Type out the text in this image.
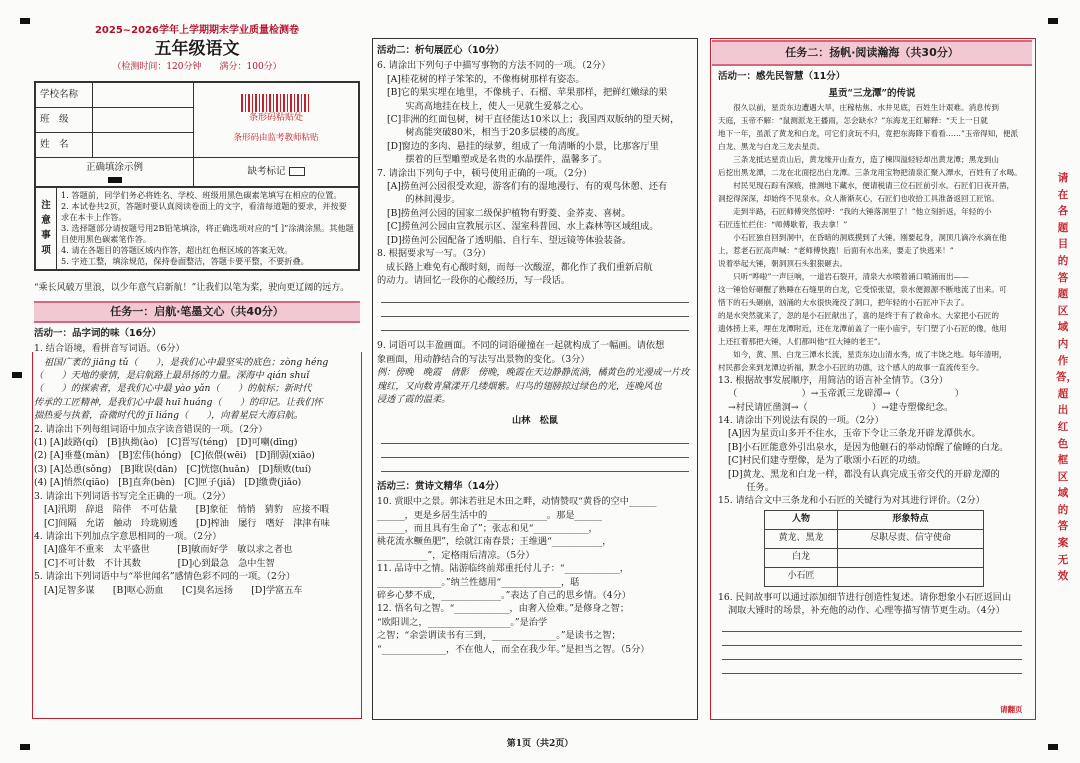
2025~2026学年上学期期末学业质量检测卷
五年级语文
（检测时间：120分钟　　满分：100分）
学校名称		条形码粘贴处
条形码由监考教师粘贴

班　级		
姓　名		

正确填涂示例		缺考标记
注意事项	
1. 答题前，同学们务必将姓名、学校、班级用黑色碳素笔填写在相应的位置。
2. 本试卷共2页，答题时要认真阅读卷面上的文字，看清每道题的要求，并按要求在本卡上作答。
3. 选择题部分请按题号用2B铅笔填涂，将正确选项对应的“[ ]”涂满涂黑。其他题目使用黑色碳素笔作答。
4. 请在各题目的答题区域内作答，超出红色框区域的答案无效。
5. 字迹工整，填涂规范，保持卷面整洁，答题卡要平整，不要折叠。
“乘长风破万里浪，以少年意气启新航！”让我们以笔为桨，驶向更辽阔的远方。
任务一：启航·笔墨文心（共40分）
活动一：品字词的味（16分）
1. 结合语境，看拼音写词语。（6分）
祖国广袤的 jiāng tǔ（　　），是我们心中最坚实的底色；zòng héng
（　　）天地的豪情，是启航路上最昂扬的力量。深海中 qián shuǐ
（　　）的探索者，是我们心中最 yào yǎn（　　）的航标；新时代
传承的工匠精神，是我们心中最 huī huáng（　　）的印记。让我们怀
揣热爱与执着，奋微时代的 jī liáng（　　），向着星辰大海启航。
2. 请涂出下列每组词语中加点字读音错误的一项。（2分）
(1) [A]歧路(qí)　[B]执拗(ào)　[C]晋写(téng)　[D]可喇(dīng)
(2) [A]垂蔓(màn)　[B]宏伟(hóng)　[C]依偎(wēi)　[D]削弱(xiāo)
(3) [A]怂恿(sǒng)　[B]耽误(dān)　[C]恍惚(huǎn)　[D]颓败(tuí)
(4) [A]悄然(qiāo)　[B]直奔(bèn)　[C]匣子(jiǎ)　[D]缴费(jiǎo)
3. 请涂出下列词语书写完全正确的一项。（2分）
[A]汛期　辞退　陪伴　不可估量　　[B]象征　悄悄　猜豹　应接不暇
[C]间隔　允诺　触动　玲珑剔透　　[D]榨油　屡行　嗜好　津津有味
4. 请涂出下列加点字意思相同的一项。（2分）
[A]盛年不重来　太平盛世　　　[B]敏而好学　敏以求之者也
[C]不可计数　不计其数　　　　[D]心到最急　急中生智
5. 请涂出下列词语中与“举世闻名”感情色彩不同的一项。（2分）
[A]足智多谋　　[B]呕心沥血　　[C]臭名远扬　　[D]学富五车
活动二：析句展匠心（10分）
6. 请涂出下列句子中描写事物的方法不同的一项。（2分）
[A]桂花树的样子笨笨的，不像梅树那样有姿态。
[B]它的果实埋在地里，不像桃子、石榴、苹果那样，把鲜红嫩绿的果
　　实高高地挂在枝上，使人一见就生爱慕之心。
[C]非洲的红面包树，树干直径能达10米以上；我国西双版纳的望天树，
　　树高能突破80米，相当于20多层楼的高度。
[D]窗边的多肉、悬挂的绿萝，组成了一角清晰的小景，比那客厅里
　　摆着的巨型雕塑或是名贵的水晶摆件，温馨多了。
7. 请涂出下列句子中，顿号使用正确的一项。（2分）
[A]捞鱼河公园很受欢迎，游客们有的湿地漫行、有的观鸟休憩、还有
　　的林间漫步。
[B]捞鱼河公园的国家二级保护植物有野菱、金荞麦、喜树。
[C]捞鱼河公园由宣教展示区、湿室科普园、水上森林等区域组成。
[D]捞鱼河公园配备了透明船、自行车、望远镜等体验装备。
8. 根据要求写一写。（3分）
　成长路上难免有心酸时刻，而每一次酸涩，都化作了我们重新启航
的动力。请回忆一段你的心酸经历，写一段话。
9. 词语可以丰盈画面。不同的词语碰撞在一起就构成了一幅画。请依想
象画面，用动静结合的写法写出景物的变化。（3分）
例：傍晚　晚霞　倩影　傍晚，晚霞在天边静静流淌，橘黄色的光漫成一片玫
瑰红，又向数青黛漾开几缕烟紫。归鸟的翅膀掠过绿色的光，连晚风也
浸透了霞的温柔。
山林　松鼠
活动三：赏诗文精华（14分）
10. 赏眼中之景。郭沫若驻足木田之畔，动情赞叹“黄昏的空中______
______，更是乡居生活中的_____________。那是______
______，而且具有生命了”；张志和见“____________，
桃花流水鳜鱼肥”，绘就江南春景；王维遇“___________，
___________”，定格雨后清凉。（5分）
11. 品诗中之情。陆游临终前郑重托付儿子：“____________，
______________。”纳兰性德用“_____________，聒
碎乡心梦不成，_____________。”表达了自己的思乡情。（4分）
12. 悟名句之智。“____________，由奢入俭难。”是修身之智；
“欧阳训之，__________________。”是治学
之智；“余尝谓读书有三到，______________。”是读书之智；
“______________，不在他人，而全在我少年。”是担当之智。（5分）
任务二：扬帆·阅读瀚海（共30分）
活动一：感先民智慧（11分）
星贡“三龙潭”的传说
　　很久以前，星贡东边遭遇大旱，庄稼枯焦、水井见底，百姓生计艰难。消息传到
天庭，玉帝不解：“鼠测派龙王播雨，怎会缺水？”东海龙王红解释：“天上一日就
地下一年，虽派了黄龙和白龙，可它们贪玩不归，竟把东海降下看看……”玉帝得知，便派
白龙、黑龙与白龙三龙去星贡。
　　三条龙抵达星贡山后，黄龙缘开山查方，造了楝四溢轻轻却出黄龙潭；黑龙到山
后挖出黑龙潭，二龙在北面挖出白龙潭。三条龙用宝物把清泉汇聚入潭水，百姓有了水喝。
　　村民见现石踪有深痕，推测地下藏水，便请税请三位石匠前引水。石匠们日夜开凿，
洞挖得深深，却始终不见泉水。众人渐渐灰心，石匠们也收拾工具准备返回工匠馆。
　　走到半路，石匠师傅突然惊呼：“我的大锤落洞里了！”他立刻折返，年轻的小
石匠连忙拦住：“师傅歇着，我去拿！”
　　小石匠独自回到洞中，在昏暗的洞底摸到了大锤。刚要起身，洞顶几滴冷水滴在他
上，惹老石匠高声喊：“老师傅快跑！后面有水出来，要走了快逃来！”
说着举起大锤，朝洞顶石头狠狠砸去。
　　只听“哗啦”一声巨响，一道岩石裂开，清泉大水喷着涌口喷涌而出——
这一锤恰好砸醒了熟睡在石缝里的白龙，它受惊张望，泉水便源源不断地流了出来。可
惜下的石头砸崩，汹涌的大水很快淹没了洞口，把年轻的小石匠冲下去了。
的是水突然就来了，忽的是小石匠献出了，喜的是终于有了救命水。大家把小石匠的
遗体捞上来，埋在龙潭附近，还在龙潭前盖了一座小庙宇，专门塑了小石匠的像，他用
上还扛着那把大锤，人们都叫他“扛大锤的老王”。
　　如今，黄、黑、白龙三潭水长流，星贡东边山清水秀，成了丰饶之地。每年清明，
村民都会来到龙潭边祈福，默念小石匠的功德，这个感人的故事一直流传至今。
13. 根据故事发展顺序，用简洁的语言补全情节。（3分）
（　　　　　　　）→玉帝派三龙辟潭→（　　　　　　）
→村民请匠凿洞→（　　　　　　　）→建寺塑像纪念。
14. 请涂出下列说法有误的一项。（2分）
[A]因为星贡山多开不住水，玉帝下令让三条龙开辟龙潭供水。
[B]小石匠能意外引出泉水，是因为他砸石的举动惊醒了偷睡的白龙。
[C]村民们建寺塑像，是为了歌颂小石匠的功绩。
[D]黄龙、黑龙和白龙一样，都没有认真完成玉帝交代的开辟龙潭的
　　任务。
15. 请结合文中三条龙和小石匠的关键行为对其进行评价。（2分）
人物	形象特点
黄龙、黑龙	尽职尽责、信守使命
白龙	
小石匠	
16. 民间故事可以通过添加细节进行创造性复述。请你想象小石匠返回山
洞取大锤时的场景，补充他的动作、心理等描写情节更生动。（4分）
请翻页
请在各题目的答题区域内作答，超出红色框区域的答案无效
第1页（共2页）
